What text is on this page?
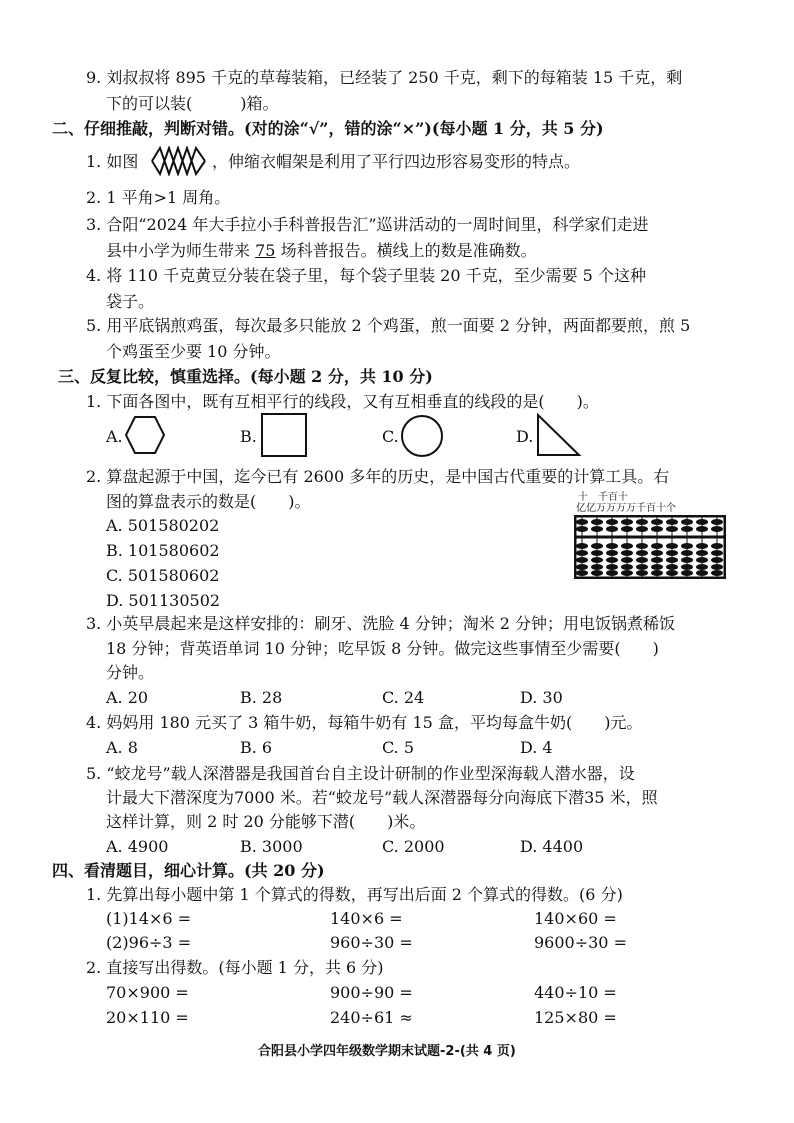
9. 刘叔叔将 895 千克的草莓装箱，已经装了 250 千克，剩下的每箱装 15 千克，剩
下的可以装(　　　)箱。
二、仔细推敲，判断对错。(对的涂“√”，错的涂“×”)(每小题 1 分，共 5 分)
1. 如图	，伸缩衣帽架是利用了平行四边形容易变形的特点。
2. 1 平角>1 周角。
3. 合阳“2024 年大手拉小手科普报告汇”巡讲活动的一周时间里，科学家们走进
县中小学为师生带来 75 场科普报告。横线上的数是准确数。
4. 将 110 千克黄豆分装在袋子里，每个袋子里装 20 千克，至少需要 5 个这种
袋子。
5. 用平底锅煎鸡蛋，每次最多只能放 2 个鸡蛋，煎一面要 2 分钟，两面都要煎，煎 5
个鸡蛋至少要 10 分钟。
三、反复比较，慎重选择。(每小题 2 分，共 10 分)
1. 下面各图中，既有互相平行的线段，又有互相垂直的线段的是(　　)。
A.	B.	C.	D.
2. 算盘起源于中国，迄今已有 2600 多年的历史，是中国古代重要的计算工具。右
图的算盘表示的数是(　　)。
A. 501580202
B. 101580602
C. 501580602
D. 501130502
十 千百十
亿亿万万万万千百十个
3. 小英早晨起来是这样安排的：刷牙、洗脸 4 分钟；淘米 2 分钟；用电饭锅煮稀饭
18 分钟；背英语单词 10 分钟；吃早饭 8 分钟。做完这些事情至少需要(　　)
分钟。
A. 20	B. 28	C. 24	D. 30
4. 妈妈用 180 元买了 3 箱牛奶，每箱牛奶有 15 盒，平均每盒牛奶(　　)元。
A. 8	B. 6	C. 5	D. 4
5. “蛟龙号”载人深潜器是我国首台自主设计研制的作业型深海载人潜水器，设
计最大下潜深度为7000 米。若“蛟龙号”载人深潜器每分向海底下潜35 米，照
这样计算，则 2 时 20 分能够下潜(　　)米。
A. 4900	B. 3000	C. 2000	D. 4400
四、看清题目，细心计算。(共 20 分)
1. 先算出每小题中第 1 个算式的得数，再写出后面 2 个算式的得数。(6 分)
(1)14×6 =	140×6 =	140×60 =
(2)96÷3 =	960÷30 =	9600÷30 =
2. 直接写出得数。(每小题 1 分，共 6 分)
70×900 =	900÷90 =	440÷10 =
20×110 =	240÷61 ≈	125×80 =
合阳县小学四年级数学期末试题-2-(共 4 页)
